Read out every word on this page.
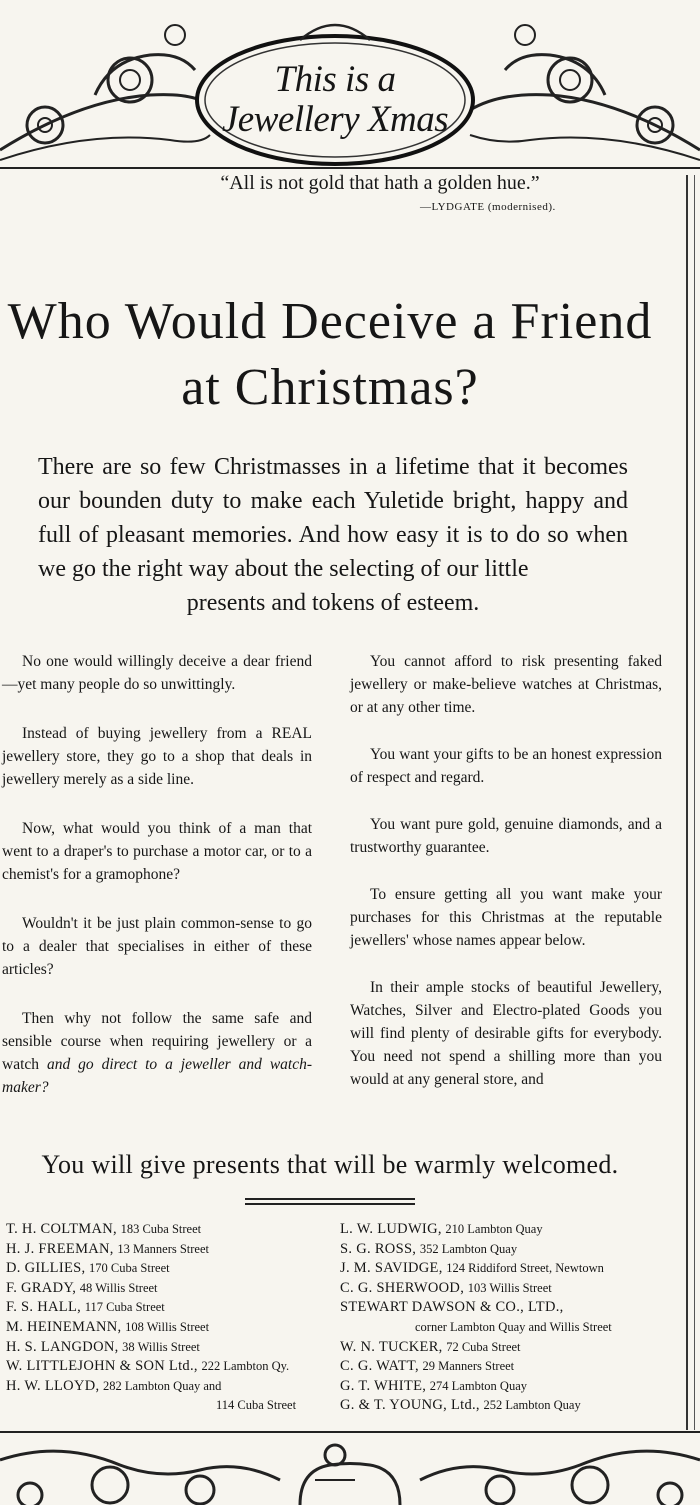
This is a
Jewellery Xmas
“All is not gold that hath a golden hue.”
—LYDGATE (modernised).
Who Would Deceive a Friend
at Christmas?
There are so few Christmasses in a lifetime that it becomes our bounden duty to make each Yuletide bright, happy and full of pleasant memories. And how easy it is to do so when we go the right way about the selecting of our little
presents and tokens of esteem.

No one would willingly deceive a dear friend—yet many people do so unwittingly.

Instead of buying jewellery from a REAL jewellery store, they go to a shop that deals in jewellery merely as a side line.

Now, what would you think of a man that went to a draper's to purchase a motor car, or to a chemist's for a gramophone?

Wouldn't it be just plain common-sense to go to a dealer that specialises in either of these articles?

Then why not follow the same safe and sensible course when requiring jewellery or a watch and go direct to a jeweller and watch-maker?

You cannot afford to risk presenting faked jewellery or make-believe watches at Christmas, or at any other time.

You want your gifts to be an honest expression of respect and regard.

You want pure gold, genuine diamonds, and a trustworthy guarantee.

To ensure getting all you want make your purchases for this Christmas at the reputable jewellers' whose names appear below.

In their ample stocks of beautiful Jewellery, Watches, Silver and Electro-plated Goods you will find plenty of desirable gifts for everybody. You need not spend a shilling more than you would at any general store, and

You will give presents that will be warmly welcomed.
T. H. COLTMAN, 183 Cuba Street
H. J. FREEMAN, 13 Manners Street
D. GILLIES, 170 Cuba Street
F. GRADY, 48 Willis Street
F. S. HALL, 117 Cuba Street
M. HEINEMANN, 108 Willis Street
H. S. LANGDON, 38 Willis Street
W. LITTLEJOHN & SON Ltd., 222 Lambton Qy.
H. W. LLOYD, 282 Lambton Quay and
114 Cuba Street
L. W. LUDWIG, 210 Lambton Quay
S. G. ROSS, 352 Lambton Quay
J. M. SAVIDGE, 124 Riddiford Street, Newtown
C. G. SHERWOOD, 103 Willis Street
STEWART DAWSON & CO., LTD.,
corner Lambton Quay and Willis Street
W. N. TUCKER, 72 Cuba Street
C. G. WATT, 29 Manners Street
G. T. WHITE, 274 Lambton Quay
G. & T. YOUNG, Ltd., 252 Lambton Quay
